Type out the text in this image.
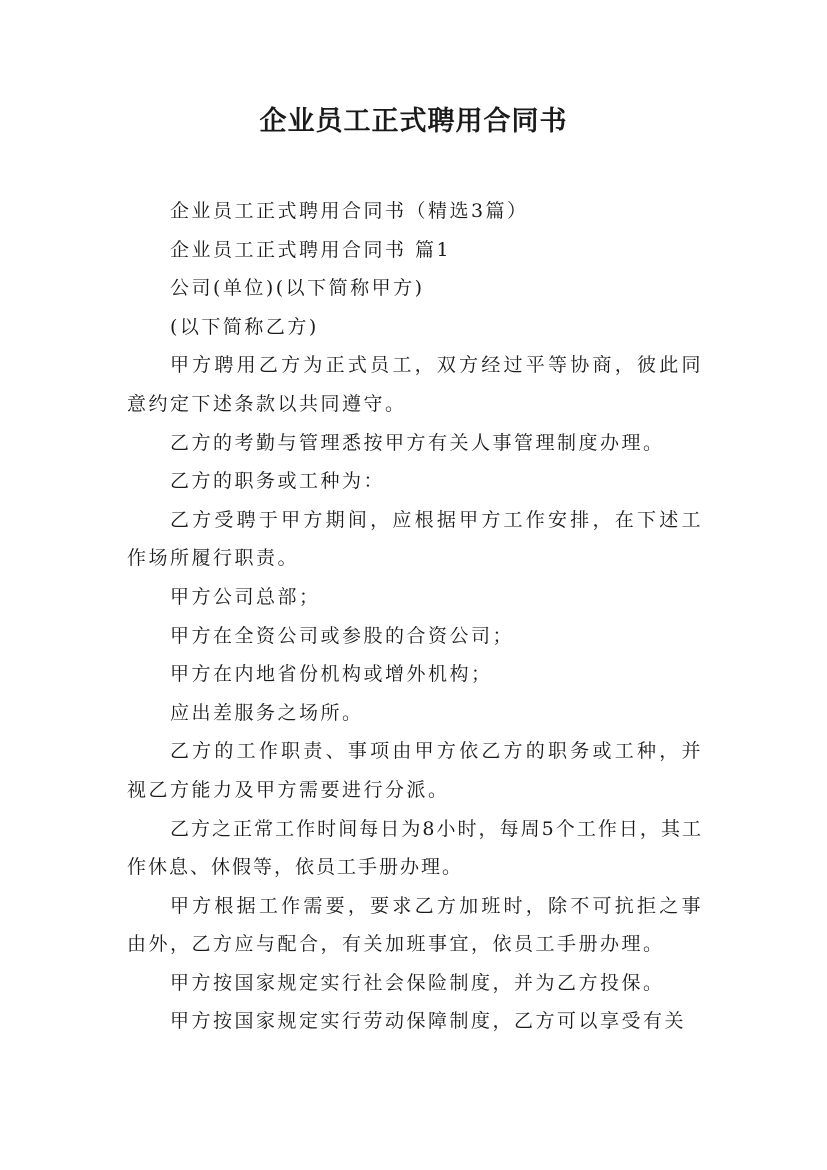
企业员工正式聘用合同书

企业员工正式聘用合同书（精选3篇）

企业员工正式聘用合同书 篇1

公司(单位)(以下简称甲方)

(以下简称乙方)

甲方聘用乙方为正式员工，双方经过平等协商，彼此同意约定下述条款以共同遵守。

乙方的考勤与管理悉按甲方有关人事管理制度办理。

乙方的职务或工种为：

乙方受聘于甲方期间，应根据甲方工作安排，在下述工作场所履行职责。

甲方公司总部；

甲方在全资公司或参股的合资公司；

甲方在内地省份机构或增外机构；

应出差服务之场所。

乙方的工作职责、事项由甲方依乙方的职务或工种，并视乙方能力及甲方需要进行分派。

乙方之正常工作时间每日为8小时，每周5个工作日，其工作休息、休假等，依员工手册办理。

甲方根据工作需要，要求乙方加班时，除不可抗拒之事由外，乙方应与配合，有关加班事宜，依员工手册办理。

甲方按国家规定实行社会保险制度，并为乙方投保。

甲方按国家规定实行劳动保障制度，乙方可以享受有关
